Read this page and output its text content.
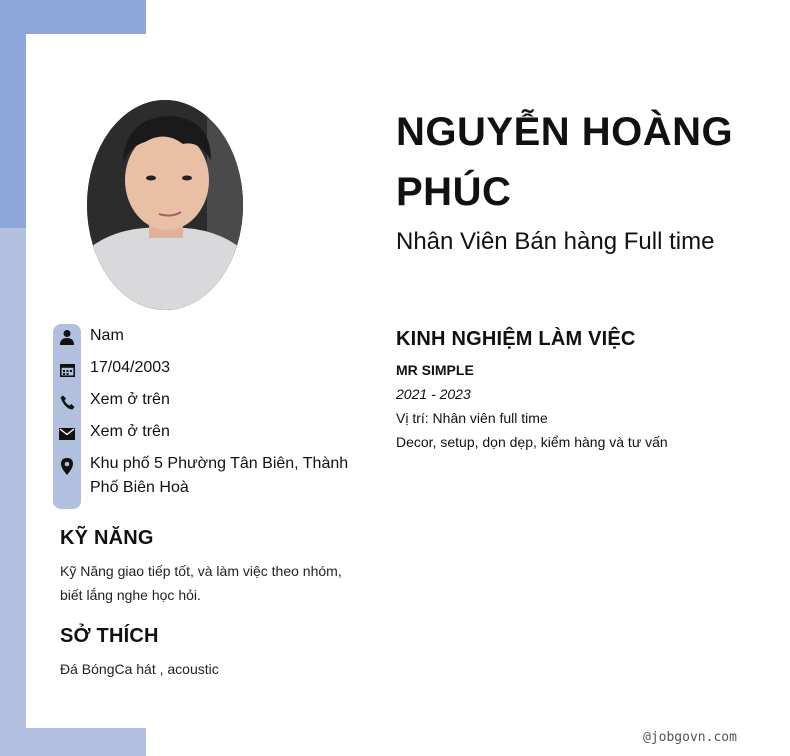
Nam
17/04/2003
Xem ở trên
Xem ở trên
Khu phố 5 Phường Tân Biên, Thành Phố Biên Hoà
KỸ NĂNG
Kỹ Năng giao tiếp tốt, và làm việc theo nhóm, biết lắng nghe học hỏi.
SỞ THÍCH
Đá BóngCa hát , acoustic
NGUYỄN HOÀNG PHÚC
Nhân Viên Bán hàng Full time
KINH NGHIỆM LÀM VIỆC
MR SIMPLE
2021 - 2023
Vị trí: Nhân viên full time
Decor, setup, dọn dẹp, kiểm hàng và tư vấn
@jobgovn.com
